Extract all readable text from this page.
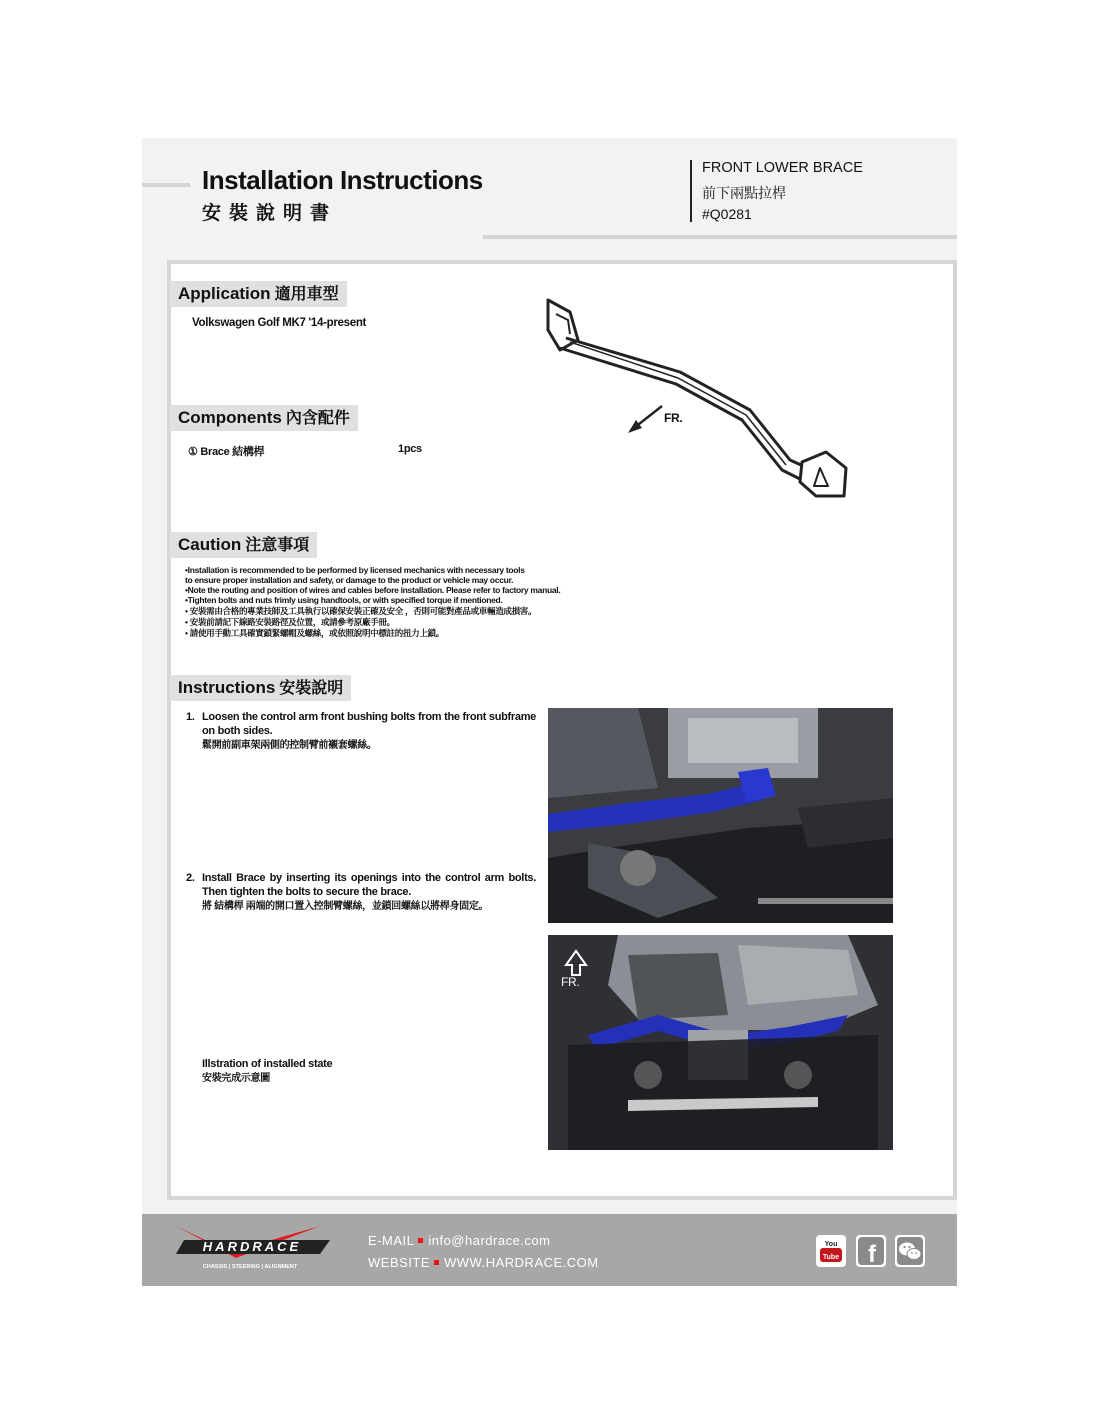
Installation Instructions
安裝說明書
FRONT LOWER BRACE
前下兩點拉桿
#Q0281
Application 適用車型
Volkswagen Golf MK7 '14-present
Components 內含配件
① Brace 結構桿	1pcs
FR.
Caution 注意事項
•Installation is recommended to be performed by licensed mechanics with necessary tools
to ensure proper installation and safety, or damage to the product or vehicle may occur.
•Note the routing and position of wires and cables before installation. Please refer to factory manual.
•Tighten bolts and nuts frimly using handtools, or with specified torque if mentioned.
• 安裝需由合格的專業技師及工具執行以確保安裝正確及安全 ，否則可能對產品或車輛造成損害。
• 安裝前請記下線路安裝路徑及位置，或請參考原廠手冊。
• 請使用手動工具確實鎖緊螺帽及螺絲，或依照說明中標註的扭力上鎖。
Instructions 安裝說明
1. Loosen the control arm front bushing bolts from the front subframe on both sides.
鬆開前副車架兩側的控制臂前襯套螺絲。
2. Install Brace by inserting its openings into the control arm bolts. Then tighten the bolts to secure the brace.
將 結構桿 兩端的開口置入控制臂螺絲，並鎖回螺絲以將桿身固定。
Illstration of installed state
安裝完成示意圖
FR.
HARDRACE
CHASSIS | STEERING | ALIGNMENT
E-MAIL info@hardrace.com
WEBSITE WWW.HARDRACE.COM
You
Tube f
